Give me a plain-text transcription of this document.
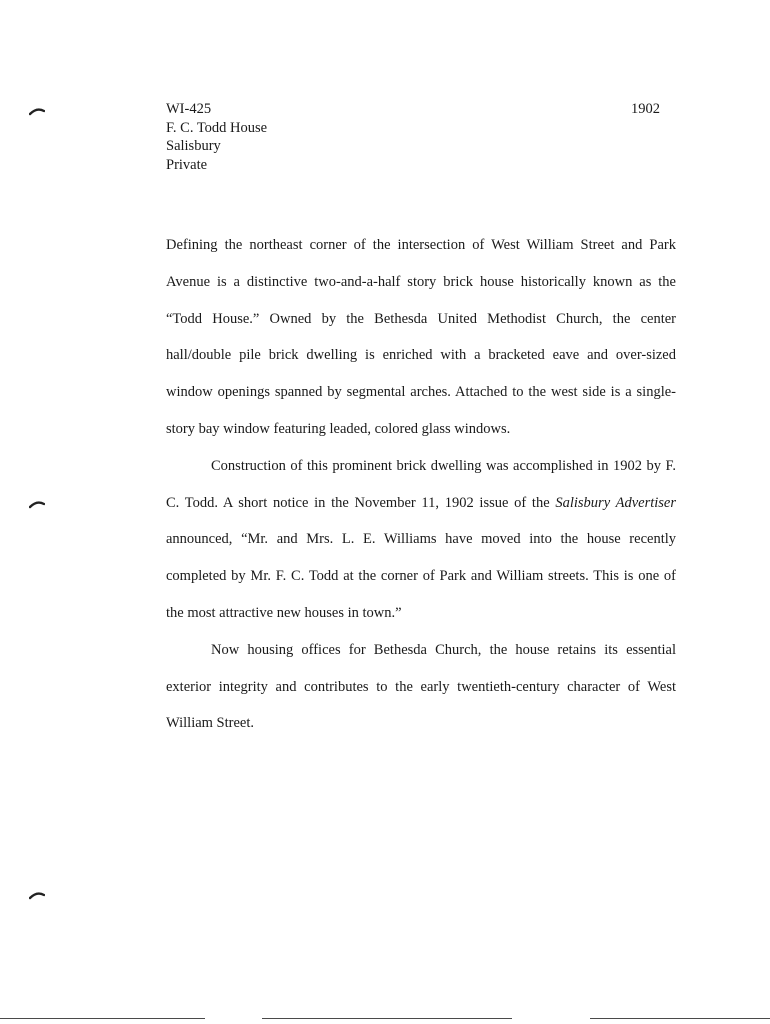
WI-425
F. C. Todd House
Salisbury
Private
1902

Defining the northeast corner of the intersection of West William Street and Park Avenue is a distinctive two-and-a-half story brick house historically known as the “Todd House.” Owned by the Bethesda United Methodist Church, the center hall/double pile brick dwelling is enriched with a bracketed eave and over-sized window openings spanned by segmental arches. Attached to the west side is a single-story bay window featuring leaded, colored glass windows.

Construction of this prominent brick dwelling was accomplished in 1902 by F. C. Todd. A short notice in the November 11, 1902 issue of the Salisbury Advertiser announced, “Mr. and Mrs. L. E. Williams have moved into the house recently completed by Mr. F. C. Todd at the corner of Park and William streets. This is one of the most attractive new houses in town.”

Now housing offices for Bethesda Church, the house retains its essential exterior integrity and contributes to the early twentieth-century character of West William Street.
